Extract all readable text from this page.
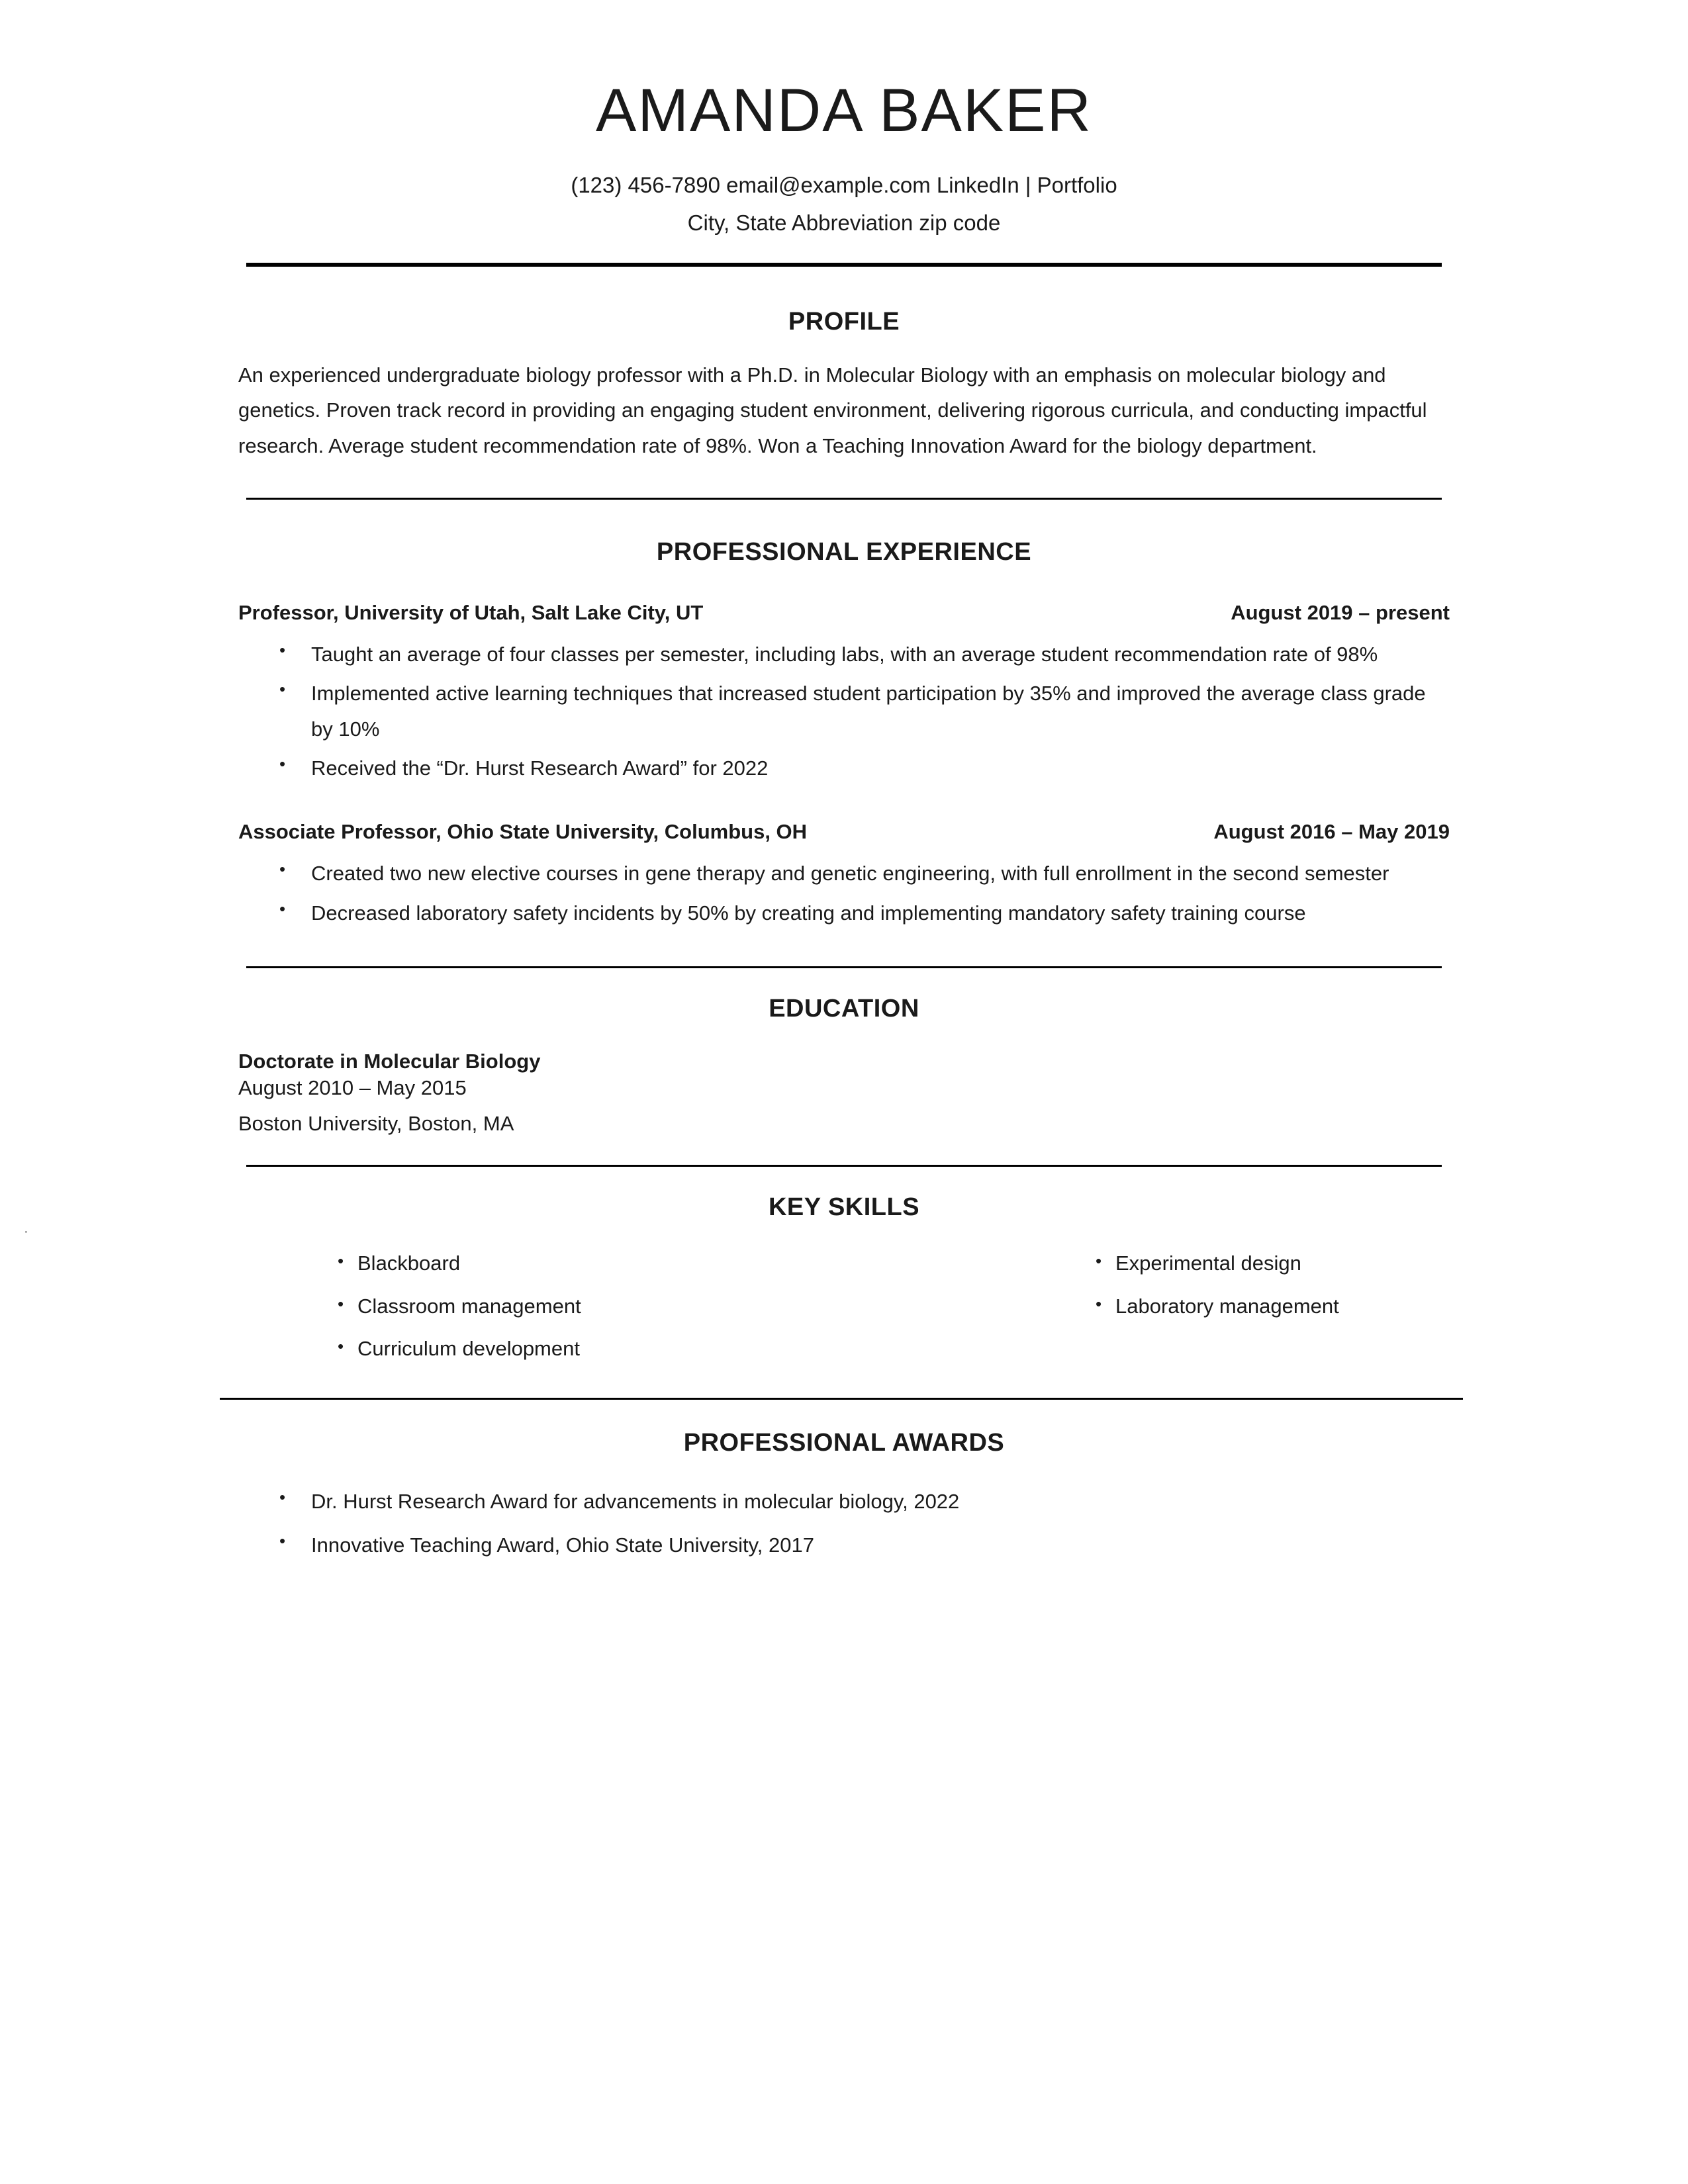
AMANDA BAKER
(123) 456-7890 email@example.com LinkedIn | Portfolio
City, State Abbreviation zip code
PROFILE

An experienced undergraduate biology professor with a Ph.D. in Molecular Biology with an emphasis on molecular biology and genetics. Proven track record in providing an engaging student environment, delivering rigorous curricula, and conducting impactful research. Average student recommendation rate of 98%. Won a Teaching Innovation Award for the biology department.

PROFESSIONAL EXPERIENCE
Professor, University of Utah, Salt Lake City, UT	August 2019 – present
• Taught an average of four classes per semester, including labs, with an average student recommendation rate of 98%
• Implemented active learning techniques that increased student participation by 35% and improved the average class grade by 10%
• Received the “Dr. Hurst Research Award” for 2022
Associate Professor, Ohio State University, Columbus, OH	August 2016 – May 2019
• Created two new elective courses in gene therapy and genetic engineering, with full enrollment in the second semester
• Decreased laboratory safety incidents by 50% by creating and implementing mandatory safety training course
EDUCATION
Doctorate in Molecular Biology
August 2010 – May 2015
Boston University, Boston, MA
KEY SKILLS
• Blackboard
• Classroom management
• Curriculum development
• Experimental design
• Laboratory management
PROFESSIONAL AWARDS
• Dr. Hurst Research Award for advancements in molecular biology, 2022
• Innovative Teaching Award, Ohio State University, 2017
·
